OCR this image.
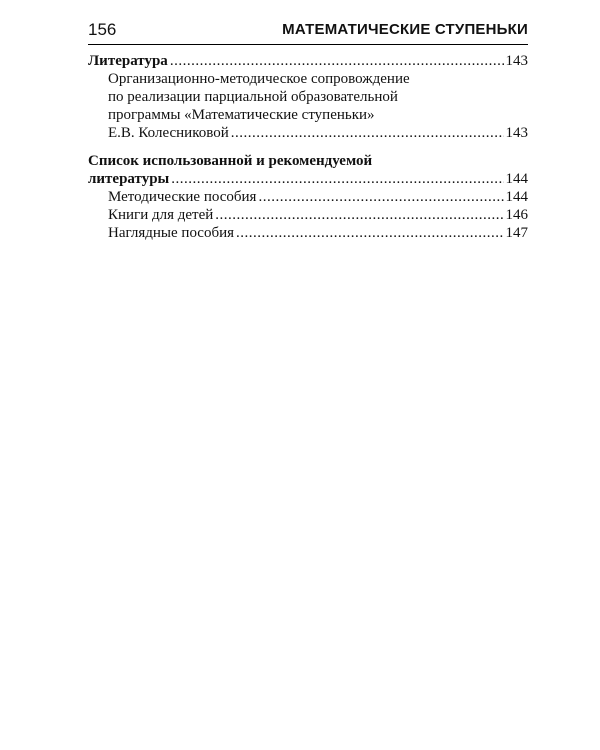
156	МАТЕМАТИЧЕСКИЕ СТУПЕНЬКИ
Литература .....	143
Организационно-методическое сопровождение
по реализации парциальной образовательной
программы «Математические ступеньки»
Е.В. Колесниковой .....	143
Список использованной и рекомендуемой
литературы .....	144
Методические пособия .....	144
Книги для детей .....	146
Наглядные пособия .....	147
